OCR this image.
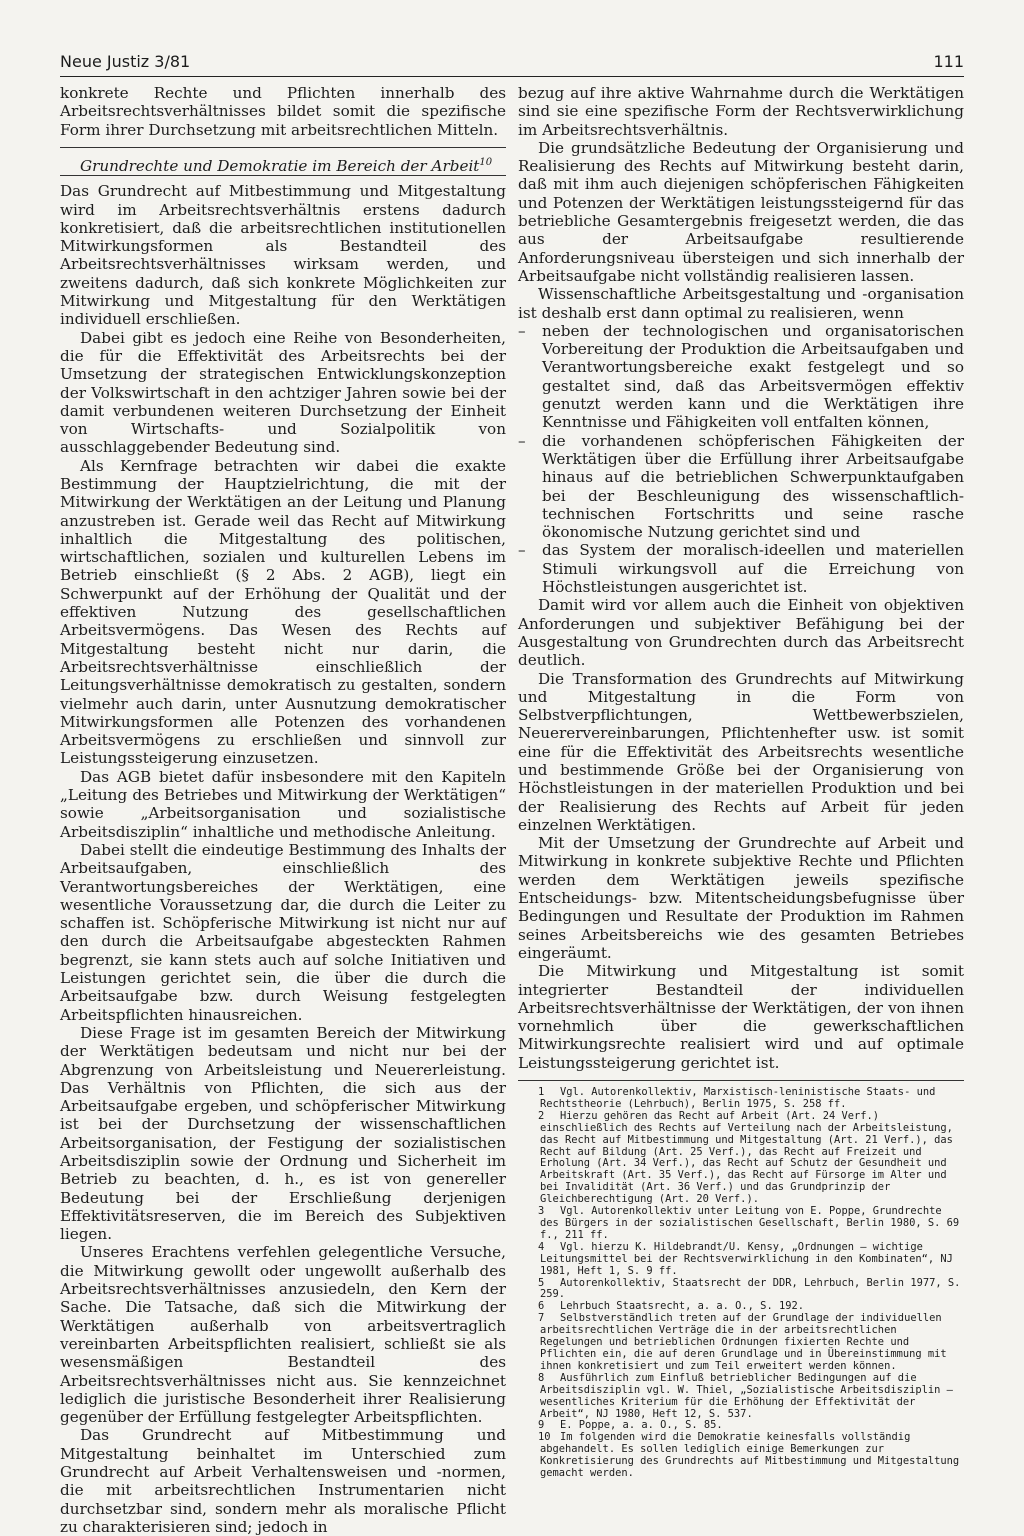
Neue Justiz 3/81	111

konkrete Rechte und Pflichten innerhalb des Arbeitsrechtsverhältnisses bildet somit die spezifische Form ihrer Durchsetzung mit arbeitsrechtlichen Mitteln.

Grundrechte und Demokratie im Bereich der Arbeit$^{10}$

Das Grundrecht auf Mitbestimmung und Mitgestaltung wird im Arbeitsrechtsverhältnis erstens dadurch konkretisiert, daß die arbeitsrechtlichen institutionellen Mitwirkungsformen als Bestandteil des Arbeitsrechtsverhältnisses wirksam werden, und zweitens dadurch, daß sich konkrete Möglichkeiten zur Mitwirkung und Mitgestaltung für den Werktätigen individuell erschließen.

Dabei gibt es jedoch eine Reihe von Besonderheiten, die für die Effektivität des Arbeitsrechts bei der Umsetzung der strategischen Entwicklungskonzeption der Volkswirtschaft in den achtziger Jahren sowie bei der damit verbundenen weiteren Durchsetzung der Einheit von Wirtschafts- und Sozialpolitik von ausschlaggebender Bedeutung sind.

Als Kernfrage betrachten wir dabei die exakte Bestimmung der Hauptzielrichtung, die mit der Mitwirkung der Werktätigen an der Leitung und Planung anzustreben ist. Gerade weil das Recht auf Mitwirkung inhaltlich die Mitgestaltung des politischen, wirtschaftlichen, sozialen und kulturellen Lebens im Betrieb einschließt (§ 2 Abs. 2 AGB), liegt ein Schwerpunkt auf der Erhöhung der Qualität und der effektiven Nutzung des gesellschaftlichen Arbeitsvermögens. Das Wesen des Rechts auf Mitgestaltung besteht nicht nur darin, die Arbeitsrechtsverhältnisse einschließlich der Leitungsverhältnisse demokratisch zu gestalten, sondern vielmehr auch darin, unter Ausnutzung demokratischer Mitwirkungsformen alle Potenzen des vorhandenen Arbeitsvermögens zu erschließen und sinnvoll zur Leistungssteigerung einzusetzen.

Das AGB bietet dafür insbesondere mit den Kapiteln „Leitung des Betriebes und Mitwirkung der Werktätigen“ sowie „Arbeitsorganisation und sozialistische Arbeitsdisziplin“ inhaltliche und methodische Anleitung.

Dabei stellt die eindeutige Bestimmung des Inhalts der Arbeitsaufgaben, einschließlich des Verantwortungsbereiches der Werktätigen, eine wesentliche Voraussetzung dar, die durch die Leiter zu schaffen ist. Schöpferische Mitwirkung ist nicht nur auf den durch die Arbeitsaufgabe abgesteckten Rahmen begrenzt, sie kann stets auch auf solche Initiativen und Leistungen gerichtet sein, die über die durch die Arbeitsaufgabe bzw. durch Weisung festgelegten Arbeitspflichten hinausreichen.

Diese Frage ist im gesamten Bereich der Mitwirkung der Werktätigen bedeutsam und nicht nur bei der Abgrenzung von Arbeitsleistung und Neuererleistung. Das Verhältnis von Pflichten, die sich aus der Arbeitsaufgabe ergeben, und schöpferischer Mitwirkung ist bei der Durchsetzung der wissenschaftlichen Arbeitsorganisation, der Festigung der sozialistischen Arbeitsdisziplin sowie der Ordnung und Sicherheit im Betrieb zu beachten, d. h., es ist von genereller Bedeutung bei der Erschließung derjenigen Effektivitätsreserven, die im Bereich des Subjektiven liegen.

Unseres Erachtens verfehlen gelegentliche Versuche, die Mitwirkung gewollt oder ungewollt außerhalb des Arbeitsrechtsverhältnisses anzusiedeln, den Kern der Sache. Die Tatsache, daß sich die Mitwirkung der Werktätigen außerhalb von arbeitsvertraglich vereinbarten Arbeitspflichten realisiert, schließt sie als wesensmäßigen Bestandteil des Arbeitsrechtsverhältnisses nicht aus. Sie kennzeichnet lediglich die juristische Besonderheit ihrer Realisierung gegenüber der Erfüllung festgelegter Arbeitspflichten.

Das Grundrecht auf Mitbestimmung und Mitgestaltung beinhaltet im Unterschied zum Grundrecht auf Arbeit Verhaltensweisen und -normen, die mit arbeitsrechtlichen Instrumentarien nicht durchsetzbar sind, sondern mehr als moralische Pflicht zu charakterisieren sind; jedoch in

bezug auf ihre aktive Wahrnahme durch die Werktätigen sind sie eine spezifische Form der Rechtsverwirklichung im Arbeitsrechtsverhältnis.

Die grundsätzliche Bedeutung der Organisierung und Realisierung des Rechts auf Mitwirkung besteht darin, daß mit ihm auch diejenigen schöpferischen Fähigkeiten und Potenzen der Werktätigen leistungssteigernd für das betriebliche Gesamtergebnis freigesetzt werden, die das aus der Arbeitsaufgabe resultierende Anforderungsniveau übersteigen und sich innerhalb der Arbeitsaufgabe nicht vollständig realisieren lassen.

Wissenschaftliche Arbeitsgestaltung und -organisation ist deshalb erst dann optimal zu realisieren, wenn

– neben der technologischen und organisatorischen Vorbereitung der Produktion die Arbeitsaufgaben und Verantwortungsbereiche exakt festgelegt und so gestaltet sind, daß das Arbeitsvermögen effektiv genutzt werden kann und die Werktätigen ihre Kenntnisse und Fähigkeiten voll entfalten können,

– die vorhandenen schöpferischen Fähigkeiten der Werktätigen über die Erfüllung ihrer Arbeitsaufgabe hinaus auf die betrieblichen Schwerpunktaufgaben bei der Beschleunigung des wissenschaftlich-technischen Fortschritts und seine rasche ökonomische Nutzung gerichtet sind und

– das System der moralisch-ideellen und materiellen Stimuli wirkungsvoll auf die Erreichung von Höchstleistungen ausgerichtet ist.

Damit wird vor allem auch die Einheit von objektiven Anforderungen und subjektiver Befähigung bei der Ausgestaltung von Grundrechten durch das Arbeitsrecht deutlich.

Die Transformation des Grundrechts auf Mitwirkung und Mitgestaltung in die Form von Selbstverpflichtungen, Wettbewerbszielen, Neuerervereinbarungen, Pflichtenhefter usw. ist somit eine für die Effektivität des Arbeitsrechts wesentliche und bestimmende Größe bei der Organisierung von Höchstleistungen in der materiellen Produktion und bei der Realisierung des Rechts auf Arbeit für jeden einzelnen Werktätigen.

Mit der Umsetzung der Grundrechte auf Arbeit und Mitwirkung in konkrete subjektive Rechte und Pflichten werden dem Werktätigen jeweils spezifische Entscheidungs- bzw. Mitentscheidungsbefugnisse über Bedingungen und Resultate der Produktion im Rahmen seines Arbeitsbereichs wie des gesamten Betriebes eingeräumt.

Die Mitwirkung und Mitgestaltung ist somit integrierter Bestandteil der individuellen Arbeitsrechtsverhältnisse der Werktätigen, der von ihnen vornehmlich über die gewerkschaftlichen Mitwirkungsrechte realisiert wird und auf optimale Leistungssteigerung gerichtet ist.

1 Vgl. Autorenkollektiv, Marxistisch-leninistische Staats- und Rechtstheorie (Lehrbuch), Berlin 1975, S. 258 ff.

2 Hierzu gehören das Recht auf Arbeit (Art. 24 Verf.) einschließlich des Rechts auf Verteilung nach der Arbeitsleistung, das Recht auf Mitbestimmung und Mitgestaltung (Art. 21 Verf.), das Recht auf Bildung (Art. 25 Verf.), das Recht auf Freizeit und Erholung (Art. 34 Verf.), das Recht auf Schutz der Gesundheit und Arbeitskraft (Art. 35 Verf.), das Recht auf Fürsorge im Alter und bei Invalidität (Art. 36 Verf.) und das Grundprinzip der Gleichberechtigung (Art. 20 Verf.).

3 Vgl. Autorenkollektiv unter Leitung von E. Poppe, Grundrechte des Bürgers in der sozialistischen Gesellschaft, Berlin 1980, S. 69 f., 211 ff.

4 Vgl. hierzu K. Hildebrandt/U. Kensy, „Ordnungen – wichtige Leitungsmittel bei der Rechtsverwirklichung in den Kombinaten“, NJ 1981, Heft 1, S. 9 ff.

5 Autorenkollektiv, Staatsrecht der DDR, Lehrbuch, Berlin 1977, S. 259.

6 Lehrbuch Staatsrecht, a. a. O., S. 192.

7 Selbstverständlich treten auf der Grundlage der individuellen arbeitsrechtlichen Verträge die in der arbeitsrechtlichen Regelungen und betrieblichen Ordnungen fixierten Rechte und Pflichten ein, die auf deren Grundlage und in Übereinstimmung mit ihnen konkretisiert und zum Teil erweitert werden können.

8 Ausführlich zum Einfluß betrieblicher Bedingungen auf die Arbeitsdisziplin vgl. W. Thiel, „Sozialistische Arbeitsdisziplin – wesentliches Kriterium für die Erhöhung der Effektivität der Arbeit“, NJ 1980, Heft 12, S. 537.

9 E. Poppe, a. a. O., S. 85.

10 Im folgenden wird die Demokratie keinesfalls vollständig abgehandelt. Es sollen lediglich einige Bemerkungen zur Konkretisierung des Grundrechts auf Mitbestimmung und Mitgestaltung gemacht werden.
